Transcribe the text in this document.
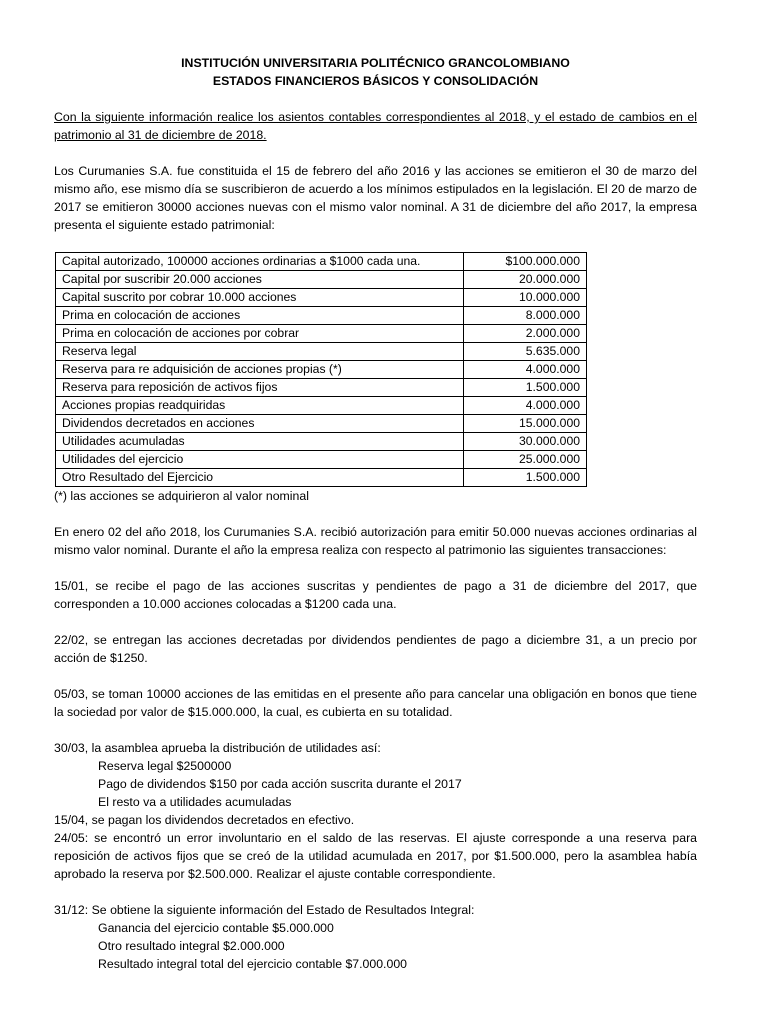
INSTITUCIÓN UNIVERSITARIA POLITÉCNICO GRANCOLOMBIANO
ESTADOS FINANCIEROS BÁSICOS Y CONSOLIDACIÓN

Con la siguiente información realice los asientos contables correspondientes al 2018, y el estado de cambios en el patrimonio al 31 de diciembre de 2018.

Los Curumanies S.A. fue constituida el 15 de febrero del año 2016 y las acciones se emitieron el 30 de marzo del mismo año, ese mismo día se suscribieron de acuerdo a los mínimos estipulados en la legislación. El 20 de marzo de 2017 se emitieron 30000 acciones nuevas con el mismo valor nominal. A 31 de diciembre del año 2017, la empresa presenta el siguiente estado patrimonial:

Capital autorizado, 100000 acciones ordinarias a $1000 cada una.	$100.000.000
Capital por suscribir 20.000 acciones	20.000.000
Capital suscrito por cobrar 10.000 acciones	10.000.000
Prima en colocación de acciones	8.000.000
Prima en colocación de acciones por cobrar	2.000.000
Reserva legal	5.635.000
Reserva para re adquisición de acciones propias (*)	4.000.000
Reserva para reposición de activos fijos	1.500.000
Acciones propias readquiridas	4.000.000
Dividendos decretados en acciones	15.000.000
Utilidades acumuladas	30.000.000
Utilidades del ejercicio	25.000.000
Otro Resultado del Ejercicio	1.500.000
(*) las acciones se adquirieron al valor nominal

En enero 02 del año 2018, los Curumanies S.A. recibió autorización para emitir 50.000 nuevas acciones ordinarias al mismo valor nominal. Durante el año la empresa realiza con respecto al patrimonio las siguientes transacciones:

15/01, se recibe el pago de las acciones suscritas y pendientes de pago a 31 de diciembre del 2017, que corresponden a 10.000 acciones colocadas a $1200 cada una.

22/02, se entregan las acciones decretadas por dividendos pendientes de pago a diciembre 31, a un precio por acción de $1250.

05/03, se toman 10000 acciones de las emitidas en el presente año para cancelar una obligación en bonos que tiene la sociedad por valor de $15.000.000, la cual, es cubierta en su totalidad.

30/03, la asamblea aprueba la distribución de utilidades así:
Reserva legal $2500000
Pago de dividendos $150 por cada acción suscrita durante el 2017
El resto va a utilidades acumuladas
15/04, se pagan los dividendos decretados en efectivo.

24/05: se encontró un error involuntario en el saldo de las reservas. El ajuste corresponde a una reserva para reposición de activos fijos que se creó de la utilidad acumulada en 2017, por $1.500.000, pero la asamblea había aprobado la reserva por $2.500.000. Realizar el ajuste contable correspondiente.

31/12: Se obtiene la siguiente información del Estado de Resultados Integral:
Ganancia del ejercicio contable $5.000.000
Otro resultado integral $2.000.000
Resultado integral total del ejercicio contable $7.000.000
